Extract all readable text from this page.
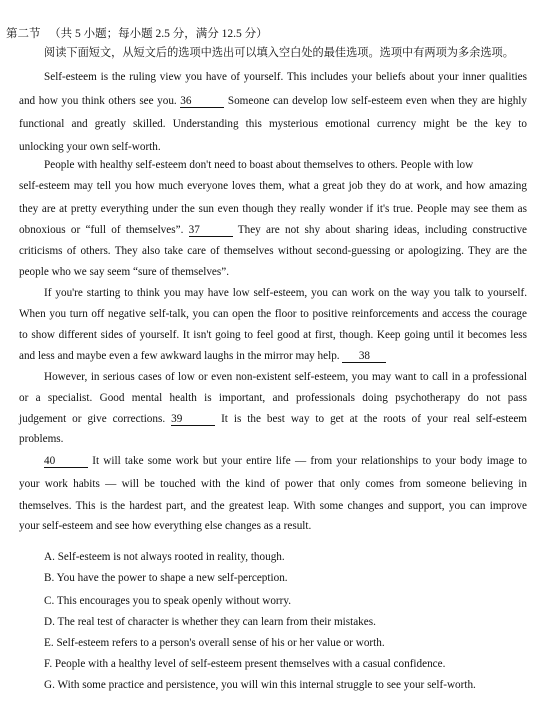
第二节 （共 5 小题；每小题 2.5 分，满分 12.5 分）
阅读下面短文，从短文后的选项中选出可以填入空白处的最佳选项。选项中有两项为多余选项。
Self-esteem is the ruling view you have of yourself. This includes your beliefs about your inner qualities
and how you think others see you. 36	Someone can develop low self-esteem even when they are highly
functional and greatly skilled. Understanding this mysterious emotional currency might be the key to
unlocking your own self-worth.
People with healthy self-esteem don't need to boast about themselves to others. People with low
self-esteem may tell you how much everyone loves them, what a great job they do at work, and how amazing
they are at pretty everything under the sun even though they really wonder if it's true. People may see them as
obnoxious or “full of themselves”. 37	They are not shy about sharing ideas, including constructive
criticisms of others. They also take care of themselves without second-guessing or apologizing. They are the
people who we say seem “sure of themselves”.
If you're starting to think you may have low self-esteem, you can work on the way you talk to yourself.
When you turn off negative self-talk, you can open the floor to positive reinforcements and access the courage
to show different sides of yourself. It isn't going to feel good at first, though. Keep going until it becomes less
and less and maybe even a few awkward laughs in the mirror may help. 38
However, in serious cases of low or even non-existent self-esteem, you may want to call in a professional
or a specialist. Good mental health is important, and professionals doing psychotherapy do not pass
judgement or give corrections. 39	It is the best way to get at the roots of your real self-esteem
problems.
40	It will take some work but your entire life — from your relationships to your body image to
your work habits — will be touched with the kind of power that only comes from someone believing in
themselves. This is the hardest part, and the greatest leap. With some changes and support, you can improve
your self-esteem and see how everything else changes as a result.
A. Self-esteem is not always rooted in reality, though.
B. You have the power to shape a new self-perception.
C. This encourages you to speak openly without worry.
D. The real test of character is whether they can learn from their mistakes.
E. Self-esteem refers to a person's overall sense of his or her value or worth.
F. People with a healthy level of self-esteem present themselves with a casual confidence.
G. With some practice and persistence, you will win this internal struggle to see your self-worth.
